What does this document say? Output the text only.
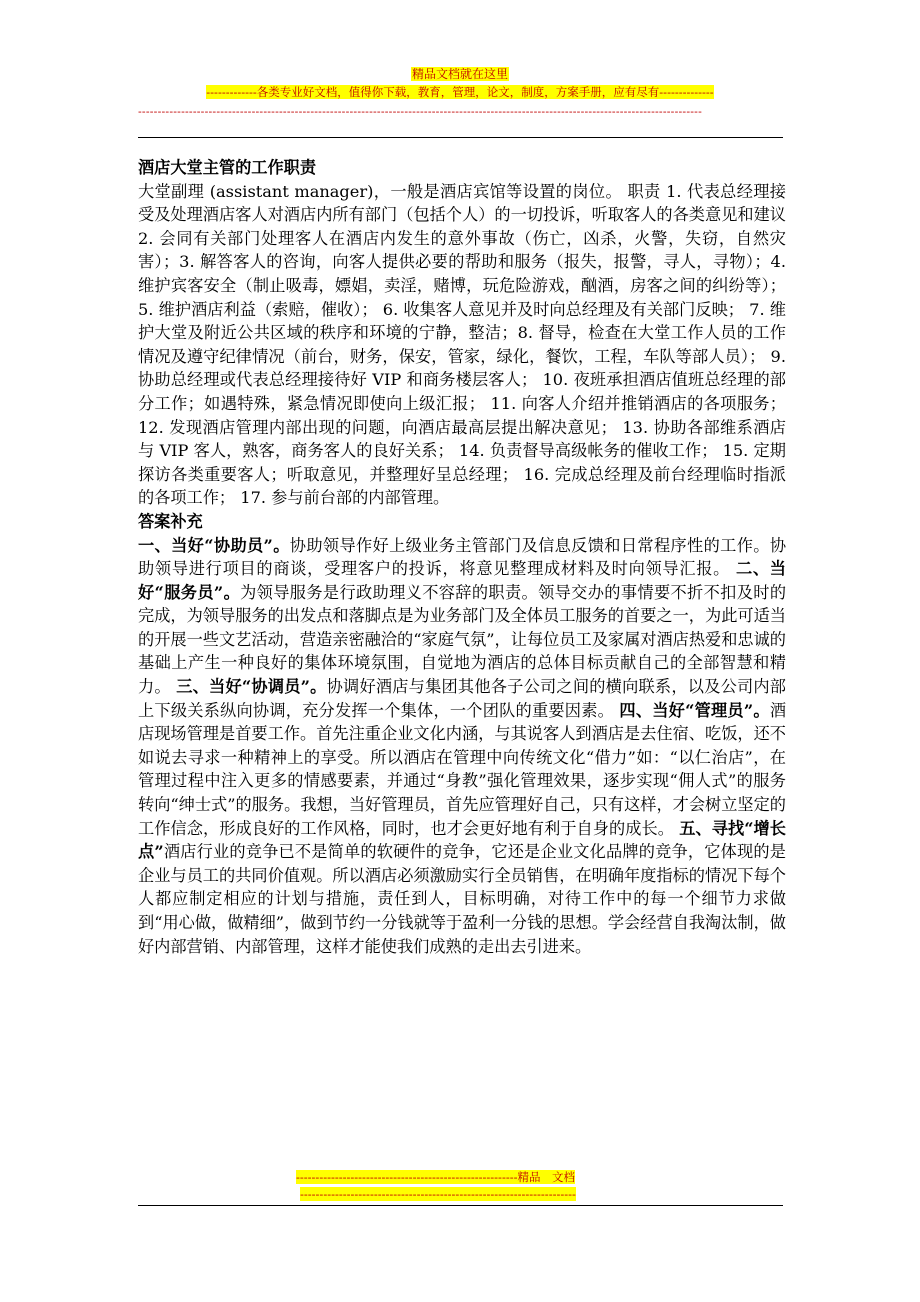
精品文档就在这里
-------------各类专业好文档，值得你下载，教育，管理，论文，制度，方案手册，应有尽有--------------
------------------------------------------------------------------------------------------------------------------------------------------------

酒店大堂主管的工作职责

大堂副理 (assistant manager)，一般是酒店宾馆等设置的岗位。 职责 1. 代表总经理接受及处理酒店客人对酒店内所有部门（包括个人）的一切投诉，听取客人的各类意见和建议 2. 会同有关部门处理客人在酒店内发生的意外事故（伤亡，凶杀，火警，失窃，自然灾害）；3. 解答客人的咨询，向客人提供必要的帮助和服务（报失，报警，寻人，寻物）；4. 维护宾客安全（制止吸毒，嫖娼，卖淫，赌博，玩危险游戏，酗酒，房客之间的纠纷等）； 5. 维护酒店利益（索赔，催收）； 6. 收集客人意见并及时向总经理及有关部门反映； 7. 维护大堂及附近公共区域的秩序和环境的宁静，整洁；8. 督导，检查在大堂工作人员的工作情况及遵守纪律情况（前台，财务，保安，管家，绿化，餐饮，工程，车队等部人员）； 9. 协助总经理或代表总经理接待好 VIP 和商务楼层客人； 10. 夜班承担酒店值班总经理的部分工作；如遇特殊，紧急情况即使向上级汇报； 11. 向客人介绍并推销酒店的各项服务； 12. 发现酒店管理内部出现的问题，向酒店最高层提出解决意见； 13. 协助各部维系酒店与 VIP 客人，熟客，商务客人的良好关系； 14. 负责督导高级帐务的催收工作； 15. 定期探访各类重要客人；听取意见，并整理好呈总经理； 16. 完成总经理及前台经理临时指派的各项工作； 17. 参与前台部的内部管理。

答案补充

一、当好“协助员”。协助领导作好上级业务主管部门及信息反馈和日常程序性的工作。协助领导进行项目的商谈，受理客户的投诉，将意见整理成材料及时向领导汇报。 二、当好“服务员”。为领导服务是行政助理义不容辞的职责。领导交办的事情要不折不扣及时的完成，为领导服务的出发点和落脚点是为业务部门及全体员工服务的首要之一，为此可适当的开展一些文艺活动，营造亲密融洽的“家庭气氛”，让每位员工及家属对酒店热爱和忠诚的基础上产生一种良好的集体环境氛围，自觉地为酒店的总体目标贡献自己的全部智慧和精力。 三、当好“协调员”。协调好酒店与集团其他各子公司之间的横向联系，以及公司内部上下级关系纵向协调，充分发挥一个集体，一个团队的重要因素。 四、当好“管理员”。酒店现场管理是首要工作。首先注重企业文化内涵，与其说客人到酒店是去住宿、吃饭，还不如说去寻求一种精神上的享受。所以酒店在管理中向传统文化“借力”如：“以仁治店”，在管理过程中注入更多的情感要素，并通过“身教”强化管理效果，逐步实现“佣人式”的服务转向“绅士式”的服务。我想，当好管理员，首先应管理好自己，只有这样，才会树立坚定的工作信念，形成良好的工作风格，同时，也才会更好地有利于自身的成长。 五、寻找“增长点”酒店行业的竞争已不是简单的软硬件的竞争，它还是企业文化品牌的竞争，它体现的是企业与员工的共同价值观。所以酒店必须激励实行全员销售，在明确年度指标的情况下每个人都应制定相应的计划与措施，责任到人，目标明确，对待工作中的每一个细节力求做到“用心做，做精细”，做到节约一分钱就等于盈利一分钱的思想。学会经营自我淘汰制，做好内部营销、内部管理，这样才能使我们成熟的走出去引进来。

---------------------------------------------------------精品　文档
-----------------------------------------------------------------------
